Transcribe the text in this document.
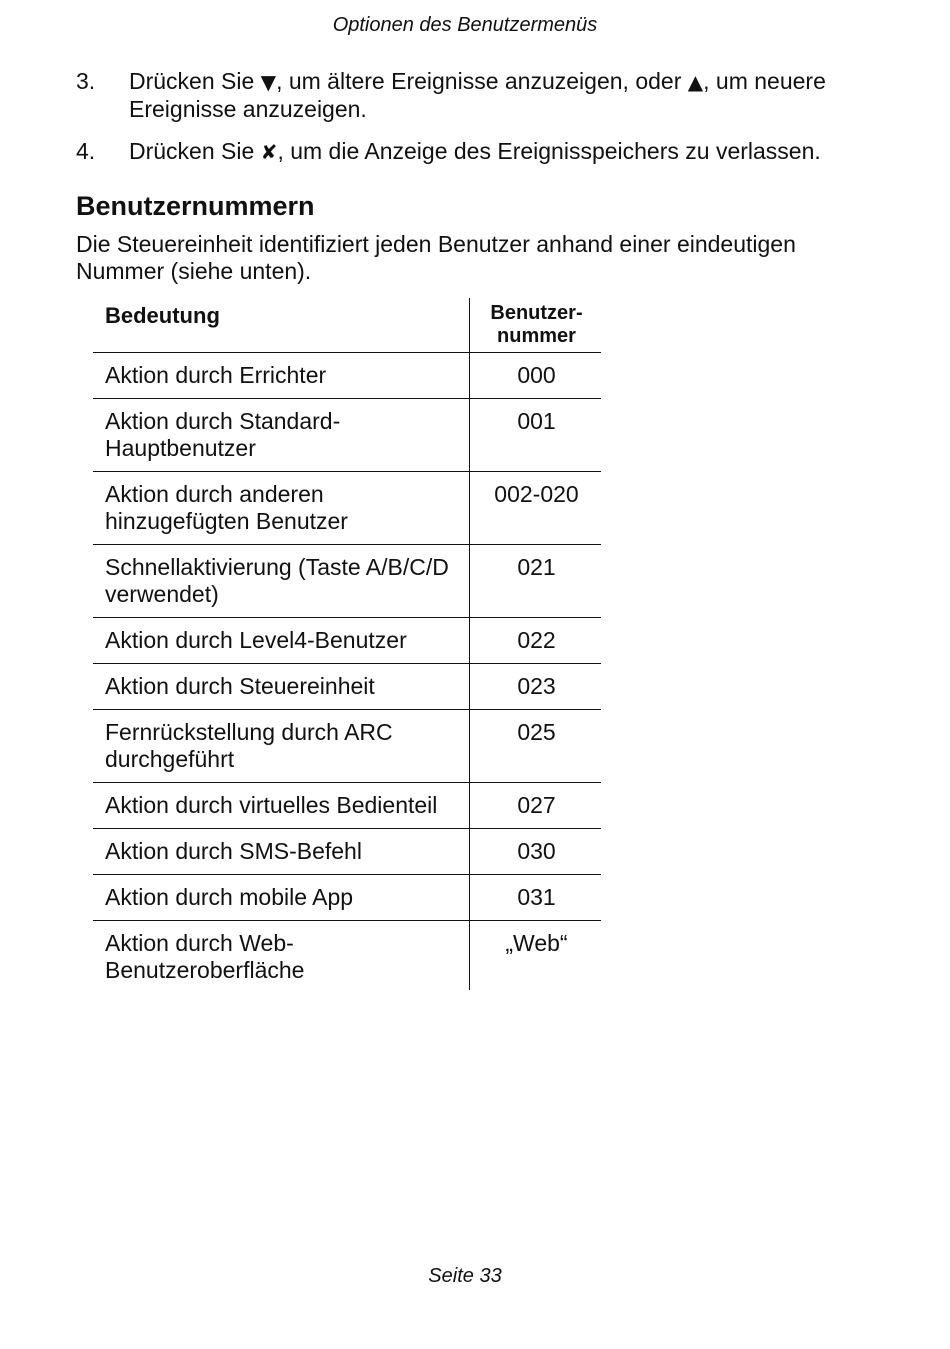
Optionen des Benutzermenüs
3.	Drücken Sie ▼, um ältere Ereignisse anzuzeigen, oder ▲, um neuere Ereignisse anzuzeigen.
4.	Drücken Sie ✘, um die Anzeige des Ereignisspeichers zu verlassen.
Benutzernummern

Die Steuereinheit identifiziert jeden Benutzer anhand einer eindeutigen Nummer (siehe unten).

Bedeutung	Benutzer-
nummer
Aktion durch Errichter	000
Aktion durch Standard-Hauptbenutzer	001
Aktion durch anderen hinzugefügten Benutzer	002-020
Schnellaktivierung (Taste A/B/C/D verwendet)	021
Aktion durch Level4-Benutzer	022
Aktion durch Steuereinheit	023
Fernrückstellung durch ARC durchgeführt	025
Aktion durch virtuelles Bedienteil	027
Aktion durch SMS-Befehl	030
Aktion durch mobile App	031
Aktion durch Web-Benutzeroberfläche	„Web“
Seite 33
